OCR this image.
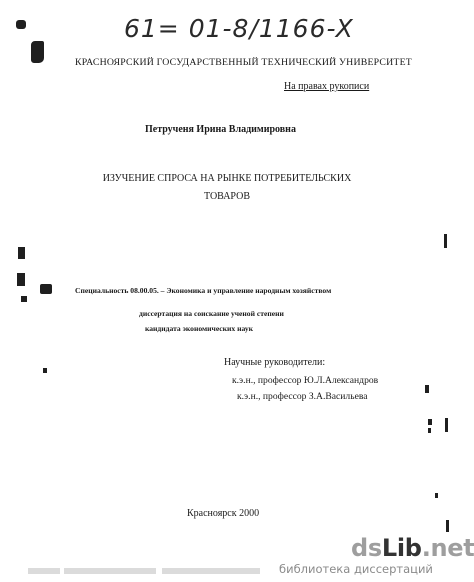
61= 01-8/1166-X
КРАСНОЯРСКИЙ ГОСУДАРСТВЕННЫЙ ТЕХНИЧЕСКИЙ УНИВЕРСИТЕТ
На правах рукописи
Петрученя Ирина Владимировна
ИЗУЧЕНИЕ СПРОСА НА РЫНКЕ ПОТРЕБИТЕЛЬСКИХ ТОВАРОВ
Специальность 08.00.05. – Экономика и управление народным хозяйством
диссертация на соискание ученой степени
кандидата экономических наук
Научные руководители:
к.э.н., профессор Ю.Л.Александров
к.э.н., профессор З.А.Васильева
Красноярск 2000
dsLib.net
библиотека диссертаций
